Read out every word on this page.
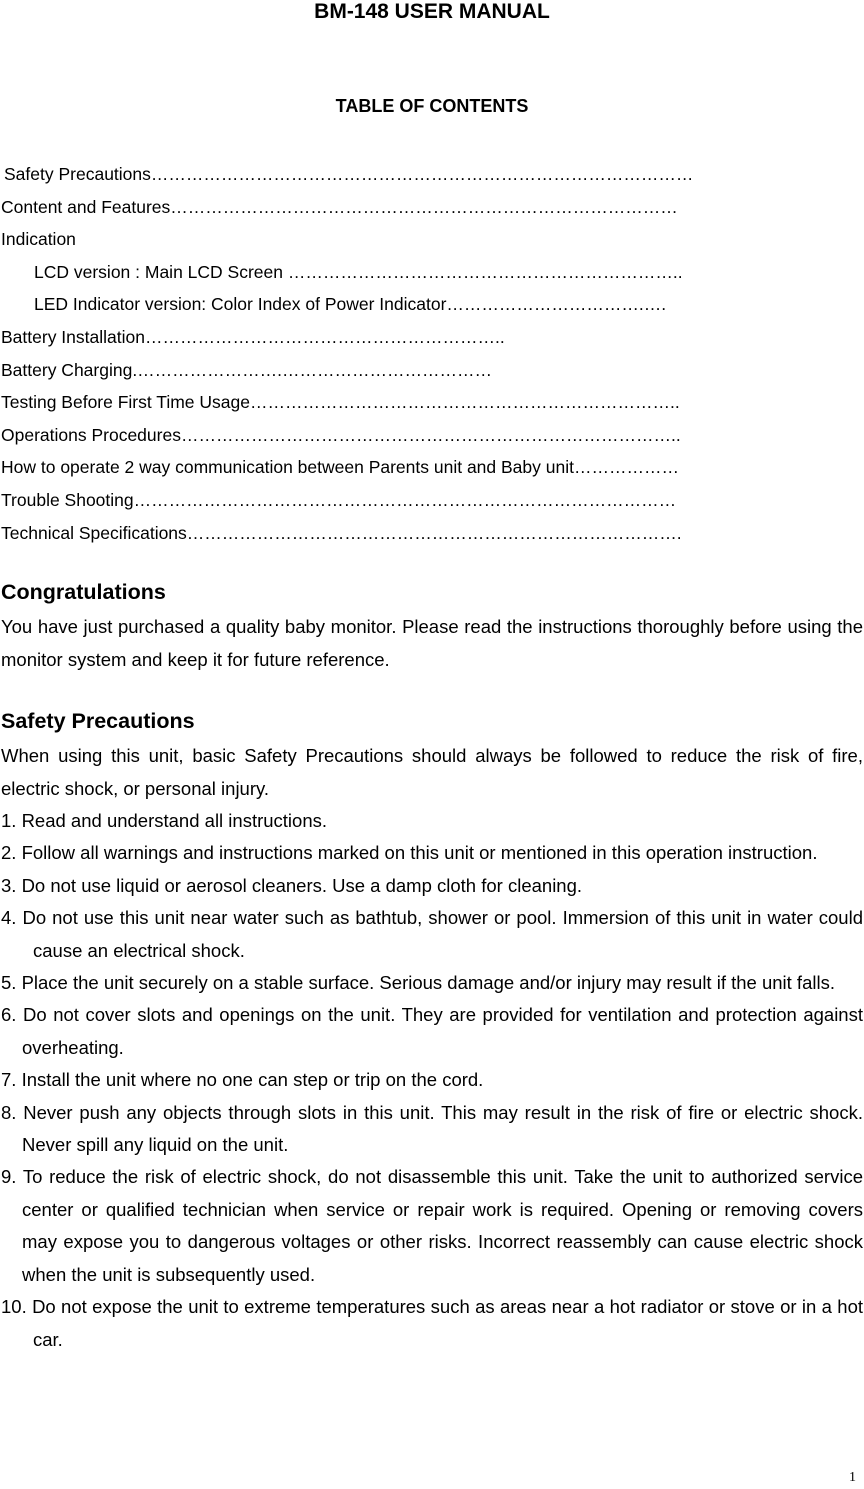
BM-148 USER MANUAL
TABLE OF CONTENTS
Safety Precautions…………………………………………………………………………………
Content and Features……………………………………………………………………………
Indication
LCD version : Main LCD Screen …………………………………………………………..
LED Indicator version: Color Index of Power Indicator…………………………….….
Battery Installation……………………………………………………..
Battery Charging.…………………….………………………………
Testing Before First Time Usage………………………………………………………………..
Operations Procedures…………………………………………………………………………..
How to operate 2 way communication between Parents unit and Baby unit………………
Trouble Shooting…………………………………………………………………………………
Technical Specifications………………………………………………………………………….
Congratulations
You have just purchased a quality baby monitor. Please read the instructions thoroughly before using the monitor system and keep it for future reference.
Safety Precautions
When using this unit, basic Safety Precautions should always be followed to reduce the risk of fire, electric shock, or personal injury.
1. Read and understand all instructions.
2. Follow all warnings and instructions marked on this unit or mentioned in this operation instruction.
3. Do not use liquid or aerosol cleaners. Use a damp cloth for cleaning.
4. Do not use this unit near water such as bathtub, shower or pool. Immersion of this unit in water could cause an electrical shock.
5. Place the unit securely on a stable surface. Serious damage and/or injury may result if the unit falls.
6. Do not cover slots and openings on the unit. They are provided for ventilation and protection against overheating.
7. Install the unit where no one can step or trip on the cord.
8. Never push any objects through slots in this unit. This may result in the risk of fire or electric shock. Never spill any liquid on the unit.
9. To reduce the risk of electric shock, do not disassemble this unit. Take the unit to authorized service center or qualified technician when service or repair work is required. Opening or removing covers may expose you to dangerous voltages or other risks. Incorrect reassembly can cause electric shock when the unit is subsequently used.
10. Do not expose the unit to extreme temperatures such as areas near a hot radiator or stove or in a hot car.
1
